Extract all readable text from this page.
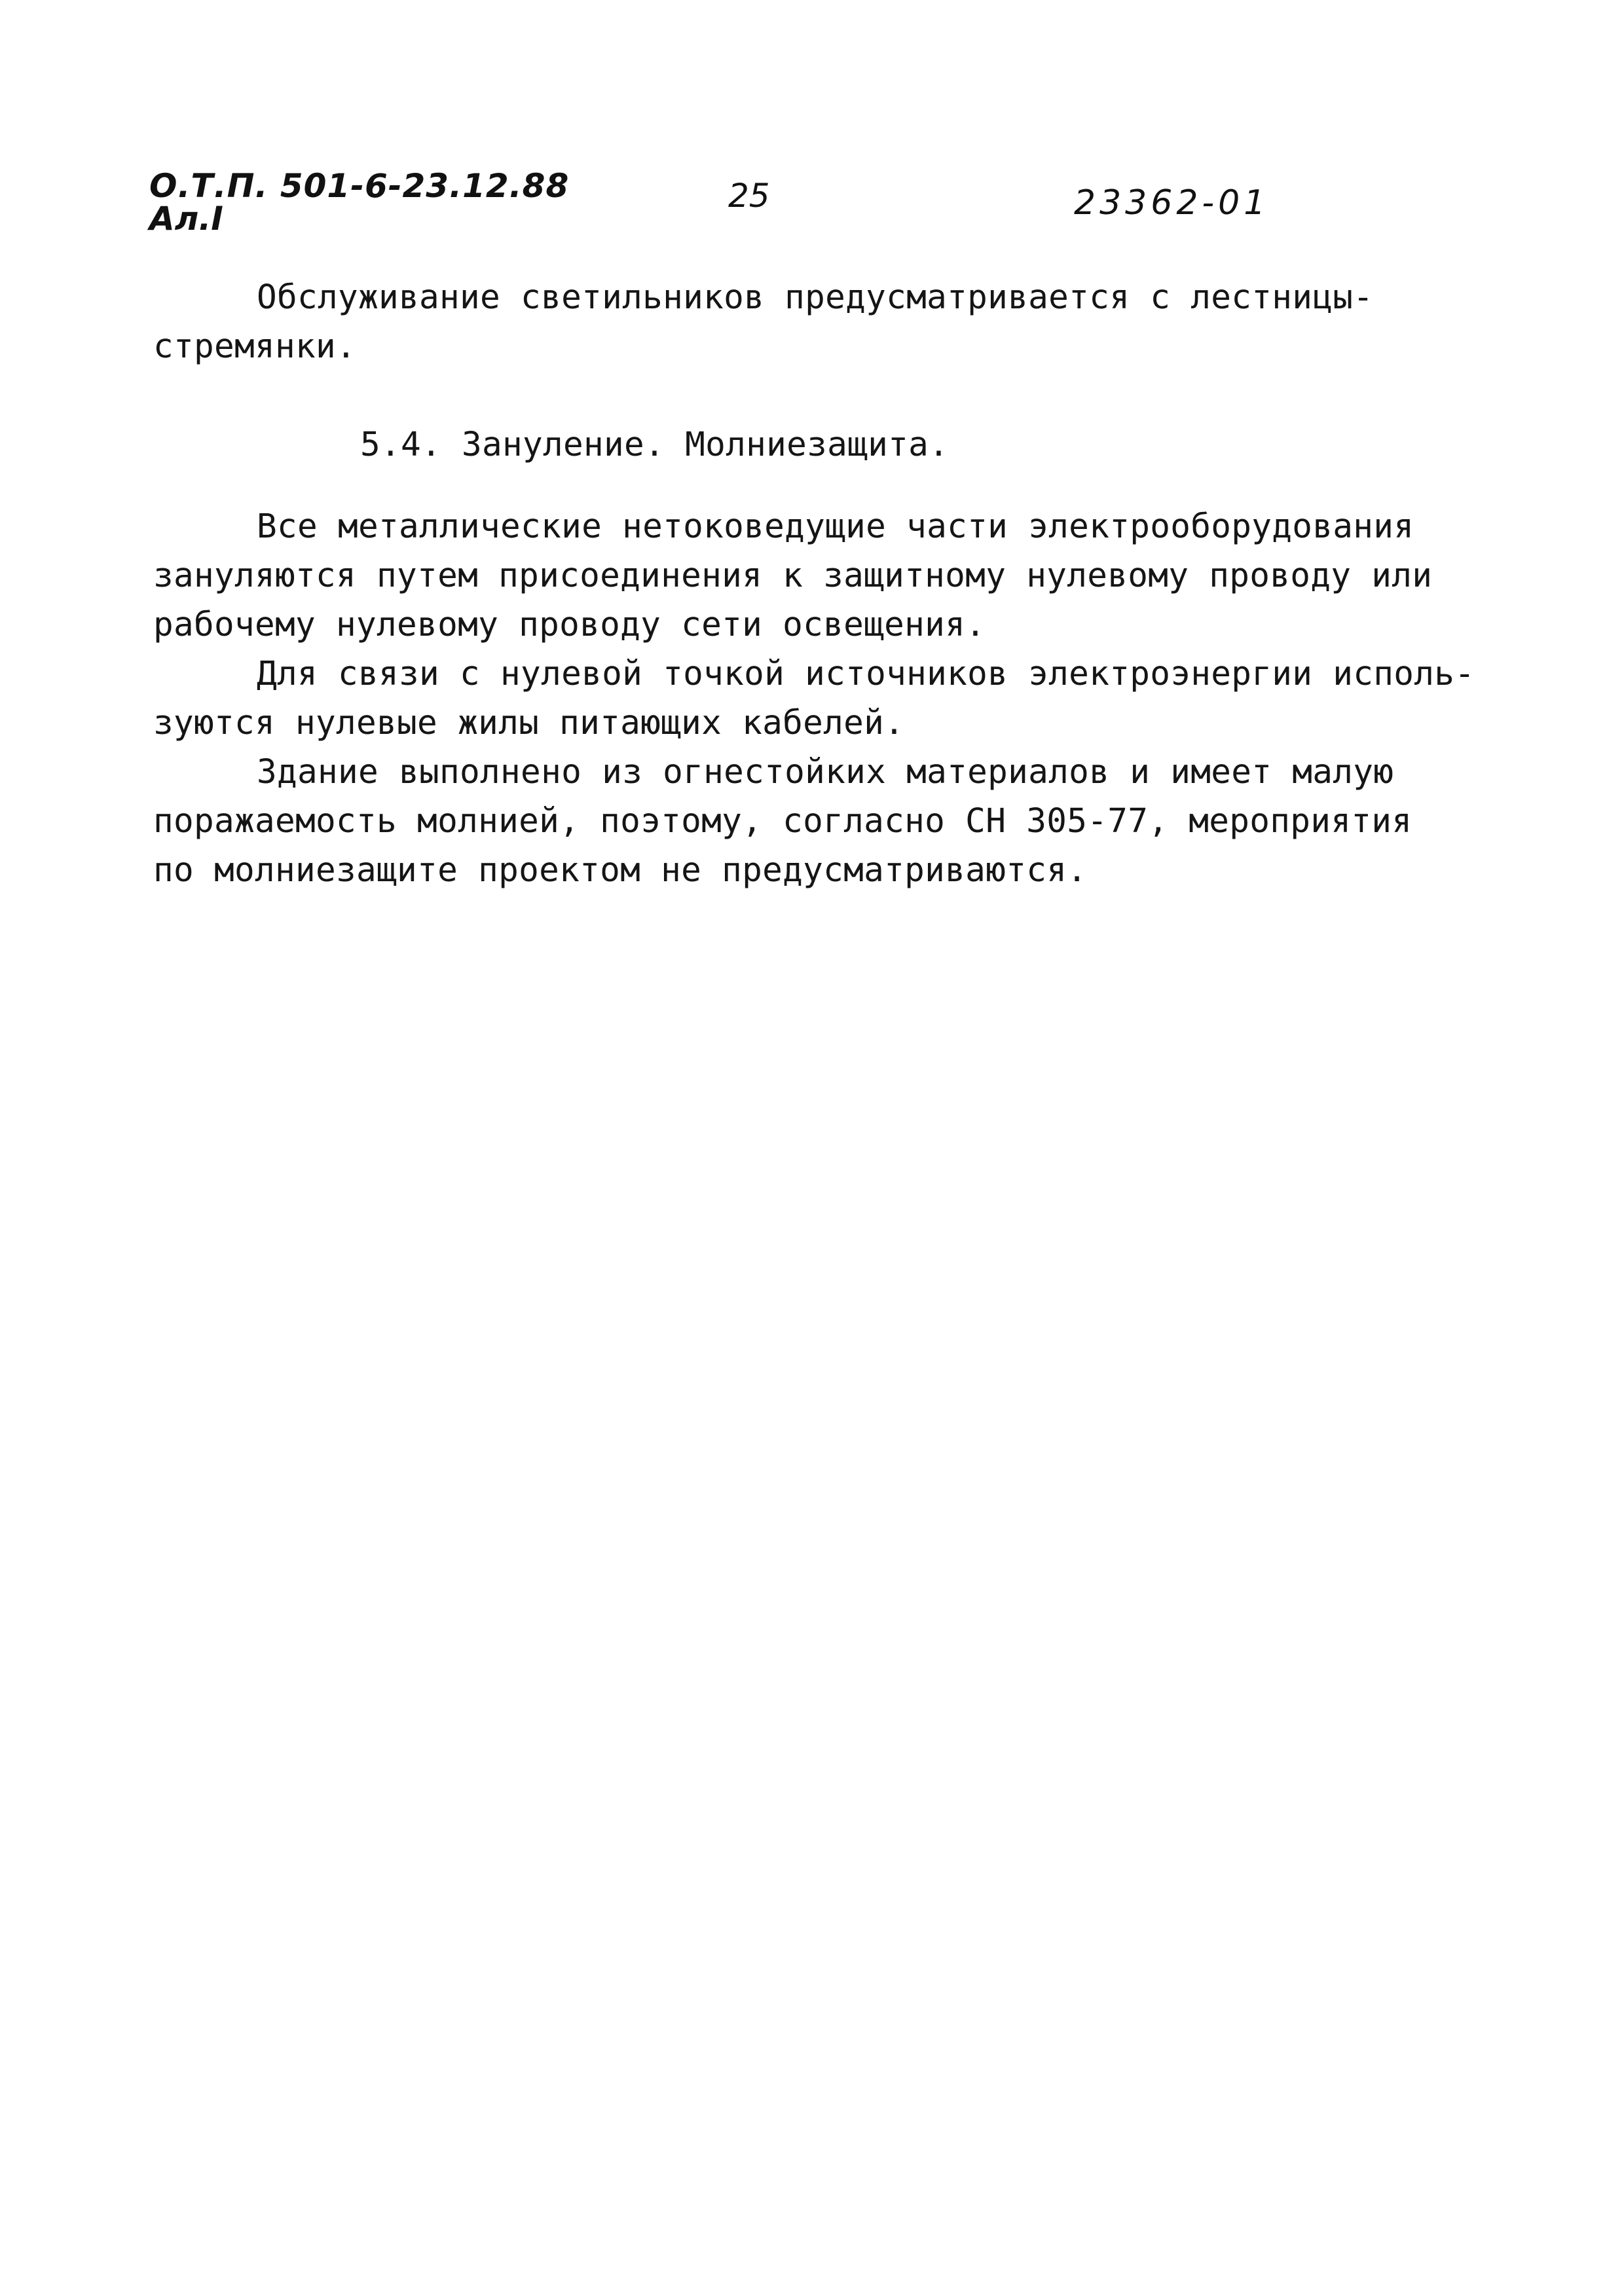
О.Т.П. 501-6-23.12.88
Ал.I
25	23362-01
Обслуживание светильников предусматривается с лестницы-
стремянки.
5.4. Зануление. Молниезащита.
Все металлические нетоковедущие части электрооборудования
зануляются путем присоединения к защитному нулевому проводу или
рабочему нулевому проводу сети освещения.
Для связи с нулевой точкой источников электроэнергии исполь-
зуются нулевые жилы питающих кабелей.
Здание выполнено из огнестойких материалов и имеет малую
поражаемость молнией, поэтому, согласно СН 305-77, мероприятия
по молниезащите проектом не предусматриваются.
